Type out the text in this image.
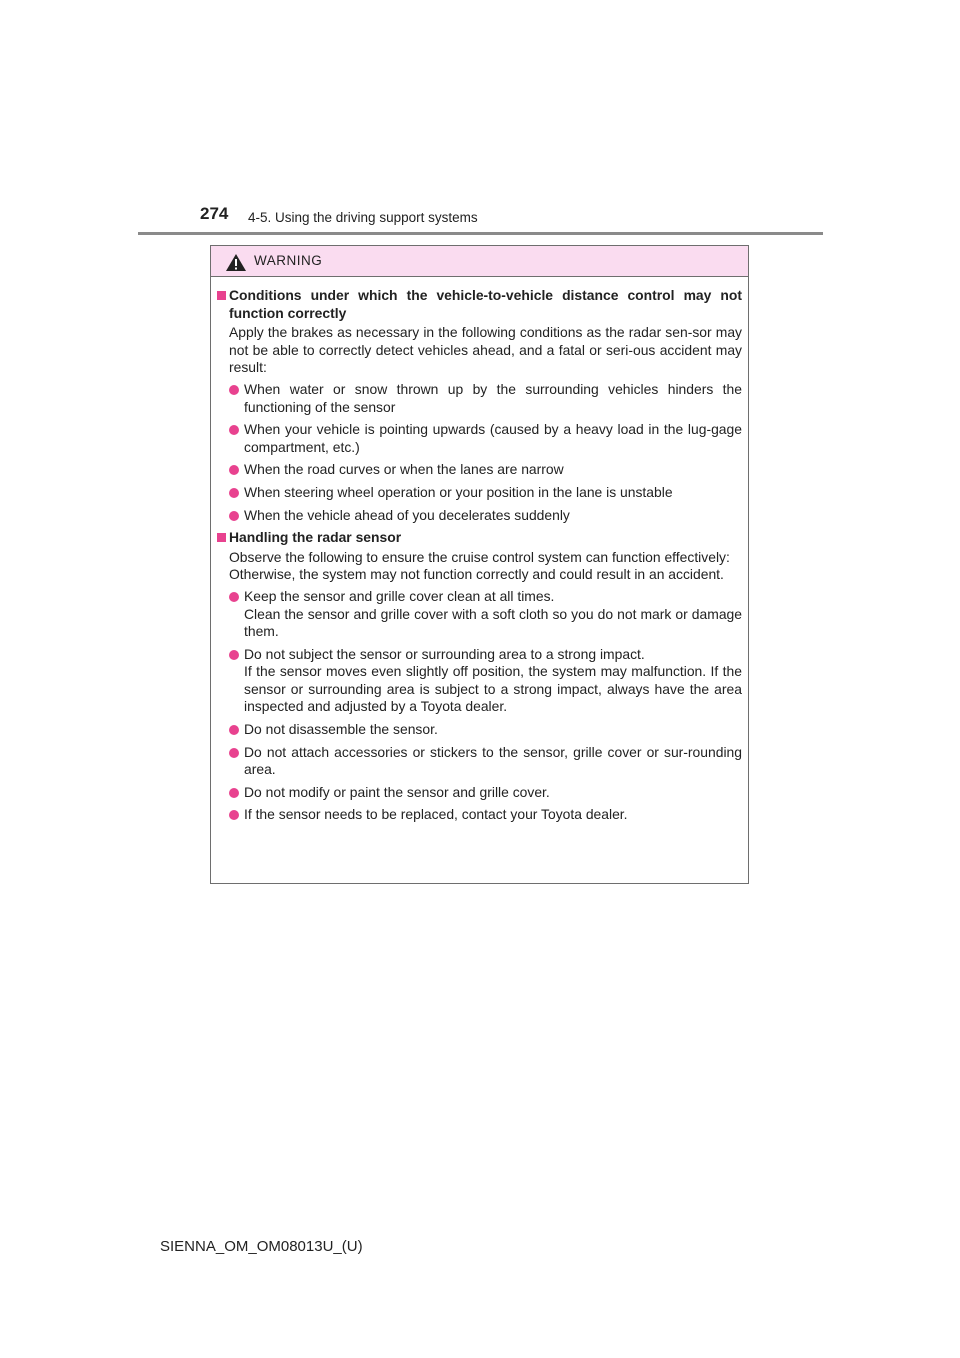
274 4-5. Using the driving support systems
WARNING

Conditions under which the vehicle-to-vehicle distance control may not function correctly

Apply the brakes as necessary in the following conditions as the radar sen-sor may not be able to correctly detect vehicles ahead, and a fatal or seri-ous accident may result:

When water or snow thrown up by the surrounding vehicles hinders the functioning of the sensor
When your vehicle is pointing upwards (caused by a heavy load in the lug-gage compartment, etc.)
When the road curves or when the lanes are narrow
When steering wheel operation or your position in the lane is unstable
When the vehicle ahead of you decelerates suddenly

Handling the radar sensor

Observe the following to ensure the cruise control system can function effectively:

Otherwise, the system may not function correctly and could result in an accident.

Keep the sensor and grille cover clean at all times.
Clean the sensor and grille cover with a soft cloth so you do not mark or damage them.
Do not subject the sensor or surrounding area to a strong impact.
If the sensor moves even slightly off position, the system may malfunction. If the sensor or surrounding area is subject to a strong impact, always have the area inspected and adjusted by a Toyota dealer.
Do not disassemble the sensor.
Do not attach accessories or stickers to the sensor, grille cover or sur-rounding area.
Do not modify or paint the sensor and grille cover.
If the sensor needs to be replaced, contact your Toyota dealer.
SIENNA_OM_OM08013U_(U)
